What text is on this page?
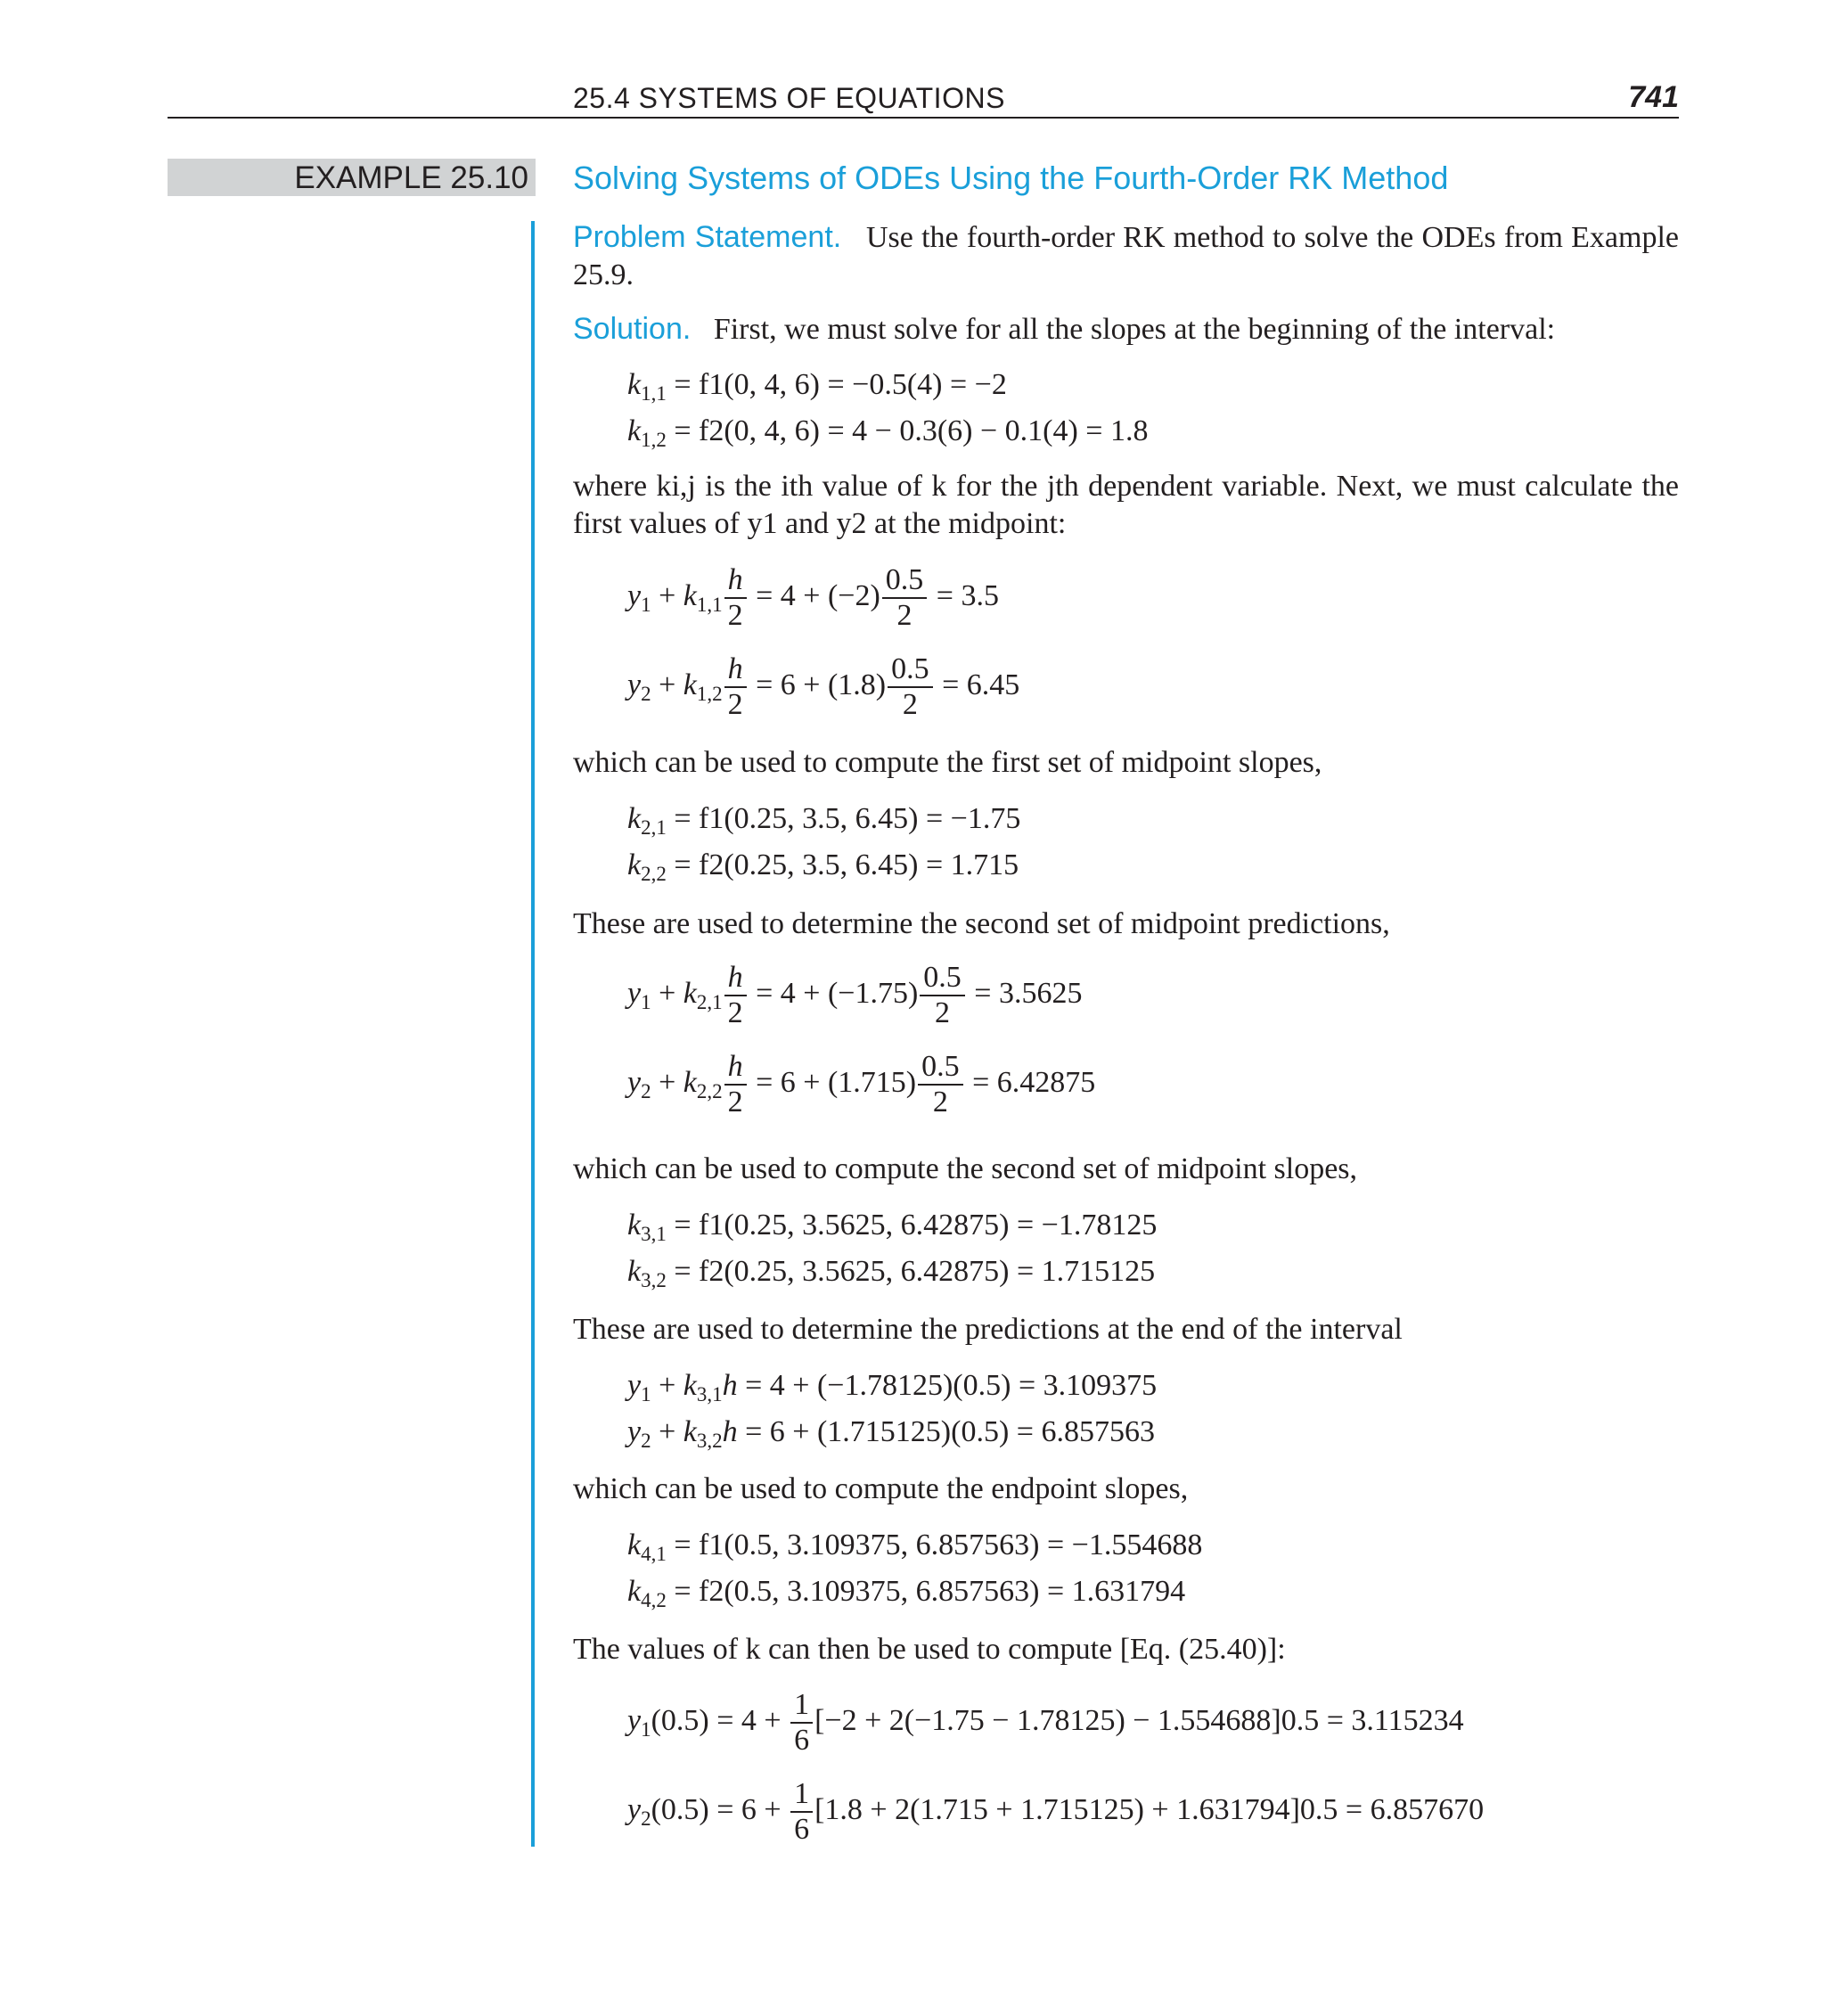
25.4 SYSTEMS OF EQUATIONS	741
EXAMPLE 25.10 Solving Systems of ODEs Using the Fourth-Order RK Method
Problem Statement. Use the fourth-order RK method to solve the ODEs from Example 25.9.
Solution. First, we must solve for all the slopes at the beginning of the interval:
$k_{1,1} = f1(0$, 4, 6) = −0.5(4) = −2
$k_{1,2} = f2(0$, 4, 6) = 4 − 0.3(6) − 0.1(4) = 1.8
where ki,j is the ith value of k for the jth dependent variable. Next, we must calculate the first values of y1 and y2 at the midpoint:
$y_1 + k_{1,1} \frac{h}{2} = 4 + (-2) \frac{0.5}{2} = 3.5$
$y_2 + k_{1,2} \frac{h}{2} = 6 + (1.8) \frac{0.5}{2} = 6.45$
which can be used to compute the first set of midpoint slopes,
$k_{2,1} = f1(0.25$, 3.5, 6.45) = −1.75
$k_{2,2} = f2(0.25$, 3.5, 6.45) = 1.715
These are used to determine the second set of midpoint predictions,
$y_1 + k_{2,1} \frac{h}{2} = 4 + (-1.75) \frac{0.5}{2} = 3.5625$
$y_2 + k_{2,2} \frac{h}{2} = 6 + (1.715) \frac{0.5}{2} = 6.42875$
which can be used to compute the second set of midpoint slopes,
$k_{3,1} = f1(0.25$, 3.5625, 6.42875) = −1.78125
$k_{3,2} = f2(0.25$, 3.5625, 6.42875) = 1.715125
These are used to determine the predictions at the end of the interval
$y_1 + k_{3,1}h = 4 + (-1.78125)(0.5) = 3.109375$
$y_2 + k_{3,2}h = 6 + (1.715125)(0.5) = 6.857563$
which can be used to compute the endpoint slopes,
$k_{4,1} = f1(0.5$, 3.109375, 6.857563) = −1.554688
$k_{4,2} = f2(0.5$, 3.109375, 6.857563) = 1.631794
The values of k can then be used to compute [Eq. (25.40)]:
$y_1(0.5) = 4 + \frac{1}{6} [-2 + 2(-1.75 - 1.78125) - 1.554688]0.5 = 3.115234$
$y_2(0.5) = 6 + \frac{1}{6} [1.8 + 2(1.715 + 1.715125) + 1.631794]0.5 = 6.857670$
